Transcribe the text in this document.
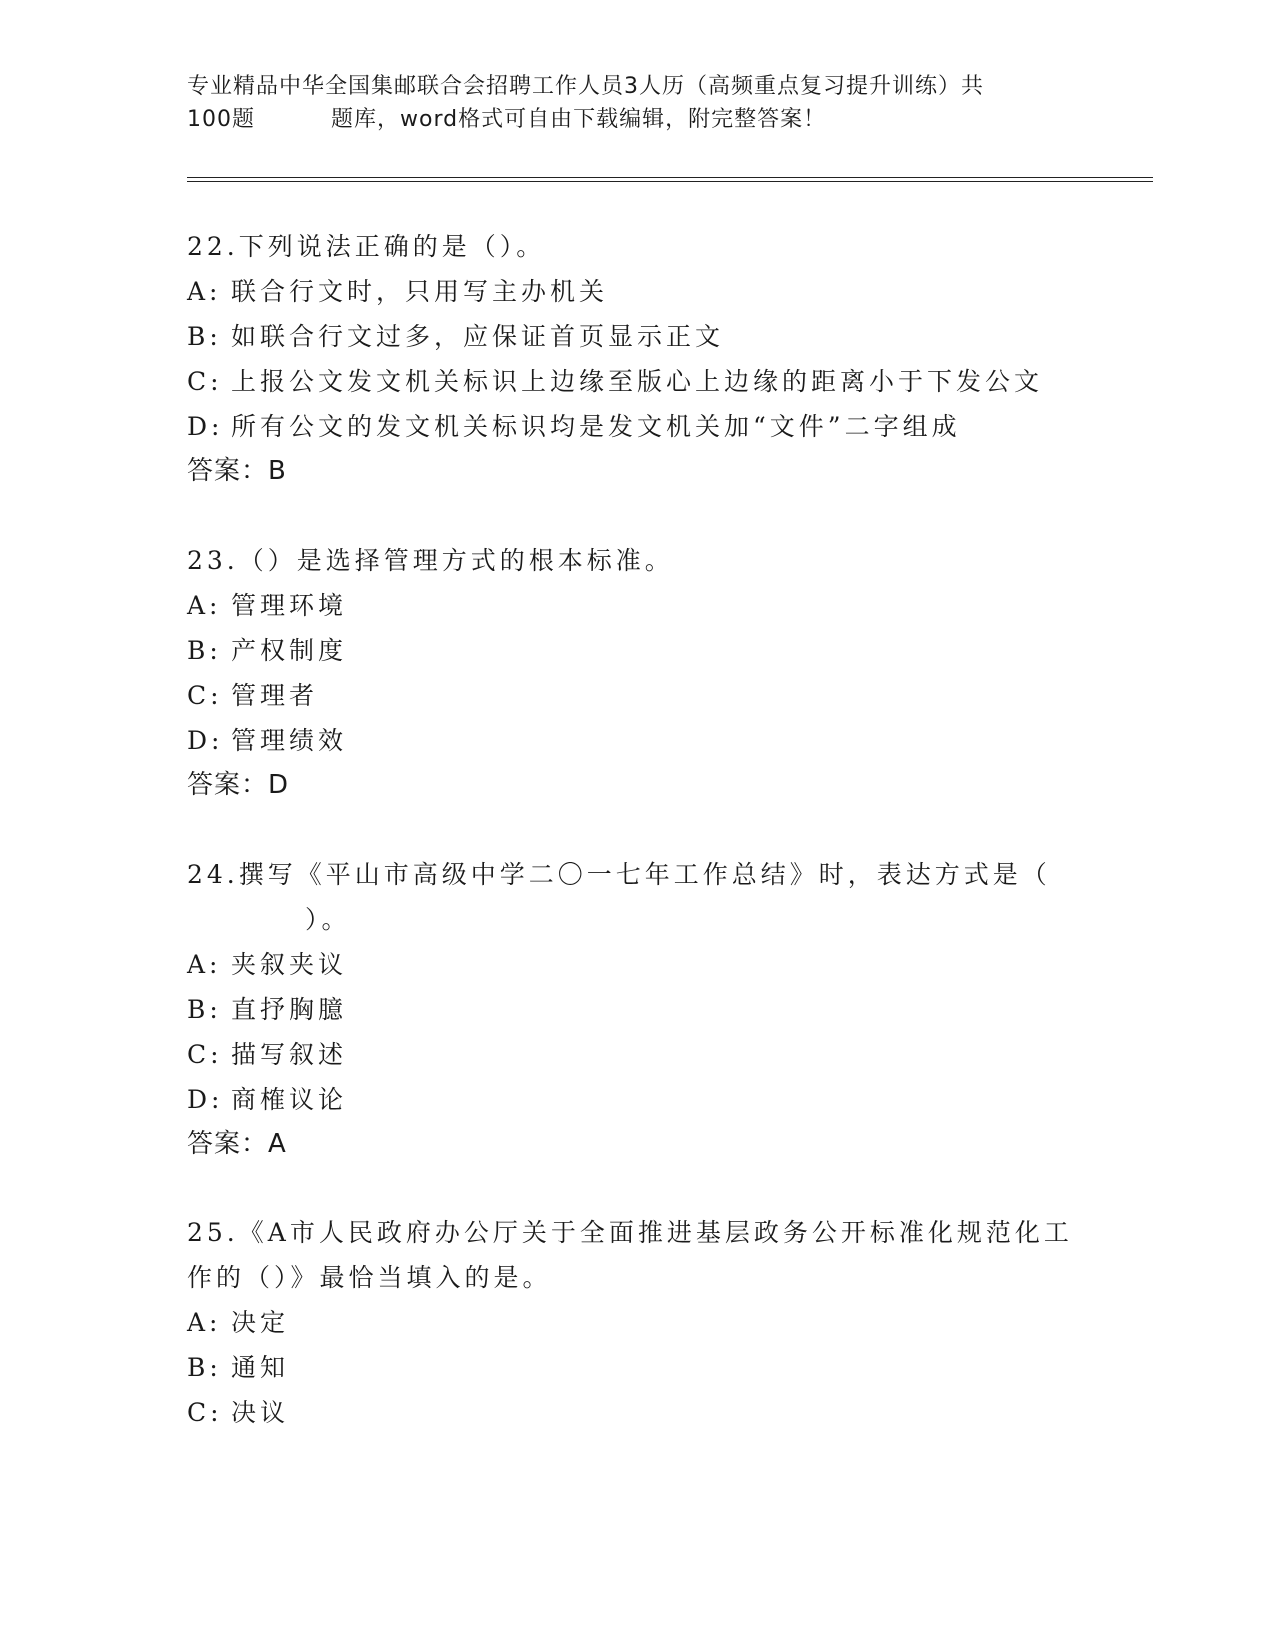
专业精品中华全国集邮联合会招聘工作人员3人历（高频重点复习提升训练）共
100题	题库，word格式可自由下载编辑，附完整答案！
22.下列说法正确的是（）。
A: 联合行文时，只用写主办机关
B: 如联合行文过多，应保证首页显示正文
C: 上报公文发文机关标识上边缘至版心上边缘的距离小于下发公文
D: 所有公文的发文机关标识均是发文机关加“文件”二字组成
答案：B
23.（）是选择管理方式的根本标准。
A: 管理环境
B: 产权制度
C: 管理者
D: 管理绩效
答案：D
24.撰写《平山市高级中学二〇一七年工作总结》时，表达方式是（
）。
A: 夹叙夹议
B: 直抒胸臆
C: 描写叙述
D: 商榷议论
答案：A
25.《A市人民政府办公厅关于全面推进基层政务公开标准化规范化工
作的（）》最恰当填入的是。
A: 决定
B: 通知
C: 决议
